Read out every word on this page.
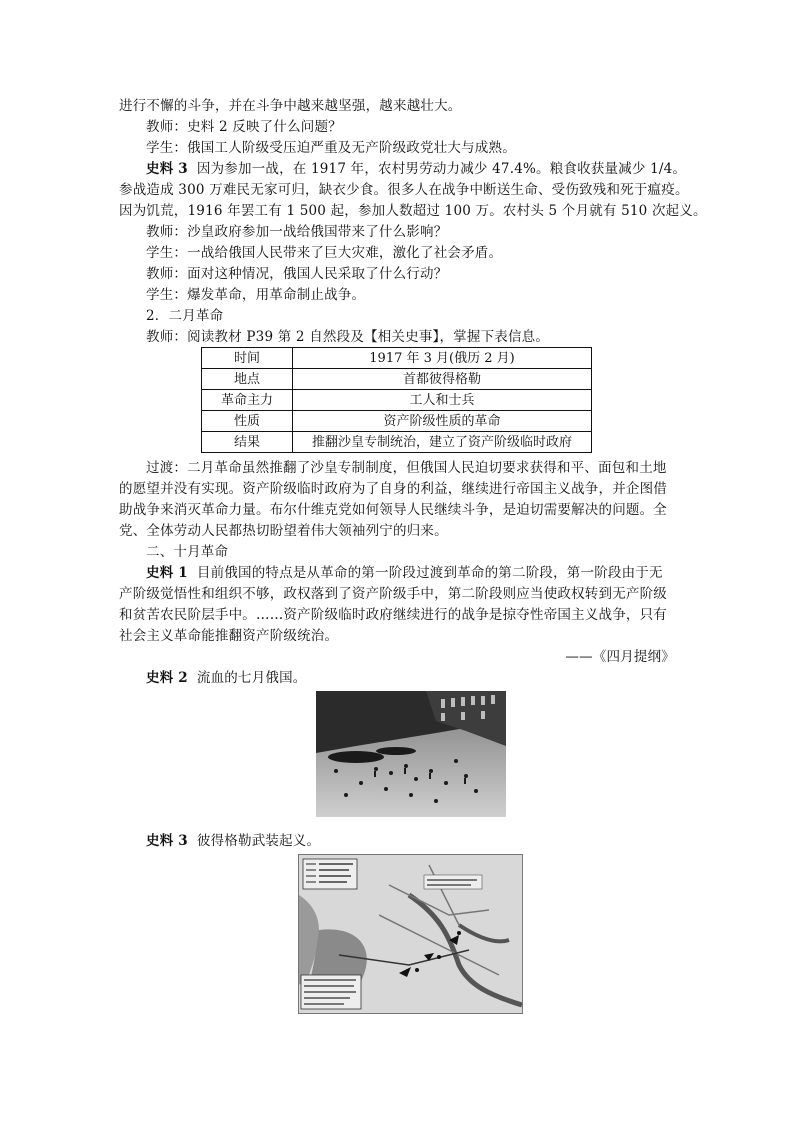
进行不懈的斗争，并在斗争中越来越坚强，越来越壮大。
教师：史料 2 反映了什么问题？
学生：俄国工人阶级受压迫严重及无产阶级政党壮大与成熟。
史料 3 因为参加一战，在 1917 年，农村男劳动力减少 47.4%。粮食收获量减少 1/4。
参战造成 300 万难民无家可归，缺衣少食。很多人在战争中断送生命、受伤致残和死于瘟疫。
因为饥荒，1916 年罢工有 1 500 起，参加人数超过 100 万。农村头 5 个月就有 510 次起义。
教师：沙皇政府参加一战给俄国带来了什么影响？
学生：一战给俄国人民带来了巨大灾难，激化了社会矛盾。
教师：面对这种情况，俄国人民采取了什么行动？
学生：爆发革命，用革命制止战争。
2．二月革命
教师：阅读教材 P39 第 2 自然段及【相关史事】，掌握下表信息。
时间	1917 年 3 月(俄历 2 月)
地点	首都彼得格勒
革命主力	工人和士兵
性质	资产阶级性质的革命
结果	推翻沙皇专制统治，建立了资产阶级临时政府
过渡：二月革命虽然推翻了沙皇专制制度，但俄国人民迫切要求获得和平、面包和土地
的愿望并没有实现。资产阶级临时政府为了自身的利益，继续进行帝国主义战争，并企图借
助战争来消灭革命力量。布尔什维克党如何领导人民继续斗争，是迫切需要解决的问题。全
党、全体劳动人民都热切盼望着伟大领袖列宁的归来。
二、十月革命
史料 1 目前俄国的特点是从革命的第一阶段过渡到革命的第二阶段，第一阶段由于无
产阶级觉悟性和组织不够，政权落到了资产阶级手中，第二阶段则应当使政权转到无产阶级
和贫苦农民阶层手中。……资产阶级临时政府继续进行的战争是掠夺性帝国主义战争，只有
社会主义革命能推翻资产阶级统治。
——《四月提纲》
史料 2 流血的七月俄国。
史料 3 彼得格勒武装起义。
